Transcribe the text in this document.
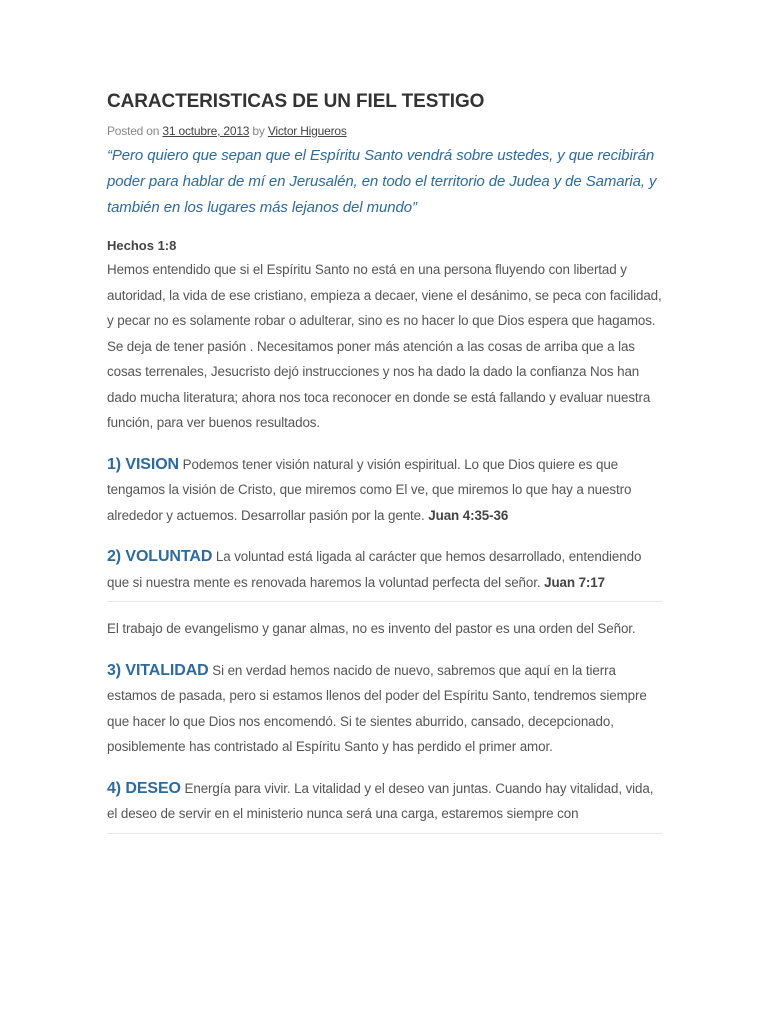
CARACTERISTICAS DE UN FIEL TESTIGO
Posted on 31 octubre, 2013 by Victor Higueros
“Pero quiero que sepan que el Espíritu Santo vendrá sobre ustedes, y que recibirán poder para hablar de mí en Jerusalén, en todo el territorio de Judea y de Samaria, y también en los lugares más lejanos del mundo”
Hechos 1:8

Hemos entendido que si el Espíritu Santo no está en una persona fluyendo con libertad y autoridad, la vida de ese cristiano, empieza a decaer, viene el desánimo, se peca con facilidad, y pecar no es solamente robar o adulterar, sino es no hacer lo que Dios espera que hagamos. Se deja de tener pasión . Necesitamos poner más atención a las cosas de arriba que a las cosas terrenales, Jesucristo dejó instrucciones y nos ha dado la dado la confianza Nos han dado mucha literatura; ahora nos toca reconocer en donde se está fallando y evaluar nuestra función, para ver buenos resultados.

1) VISION Podemos tener visión natural y visión espiritual. Lo que Dios quiere es que tengamos la visión de Cristo, que miremos como El ve, que miremos lo que hay a nuestro alrededor y actuemos. Desarrollar pasión por la gente. Juan 4:35-36

2) VOLUNTAD La voluntad está ligada al carácter que hemos desarrollado, entendiendo que si nuestra mente es renovada haremos la voluntad perfecta del señor. Juan 7:17

El trabajo de evangelismo y ganar almas, no es invento del pastor es una orden del Señor.

3) VITALIDAD Si en verdad hemos nacido de nuevo, sabremos que aquí en la tierra estamos de pasada, pero si estamos llenos del poder del Espíritu Santo, tendremos siempre que hacer lo que Dios nos encomendó. Si te sientes aburrido, cansado, decepcionado, posiblemente has contristado al Espíritu Santo y has perdido el primer amor.

4) DESEO Energía para vivir. La vitalidad y el deseo van juntas. Cuando hay vitalidad, vida, el deseo de servir en el ministerio nunca será una carga, estaremos siempre con
